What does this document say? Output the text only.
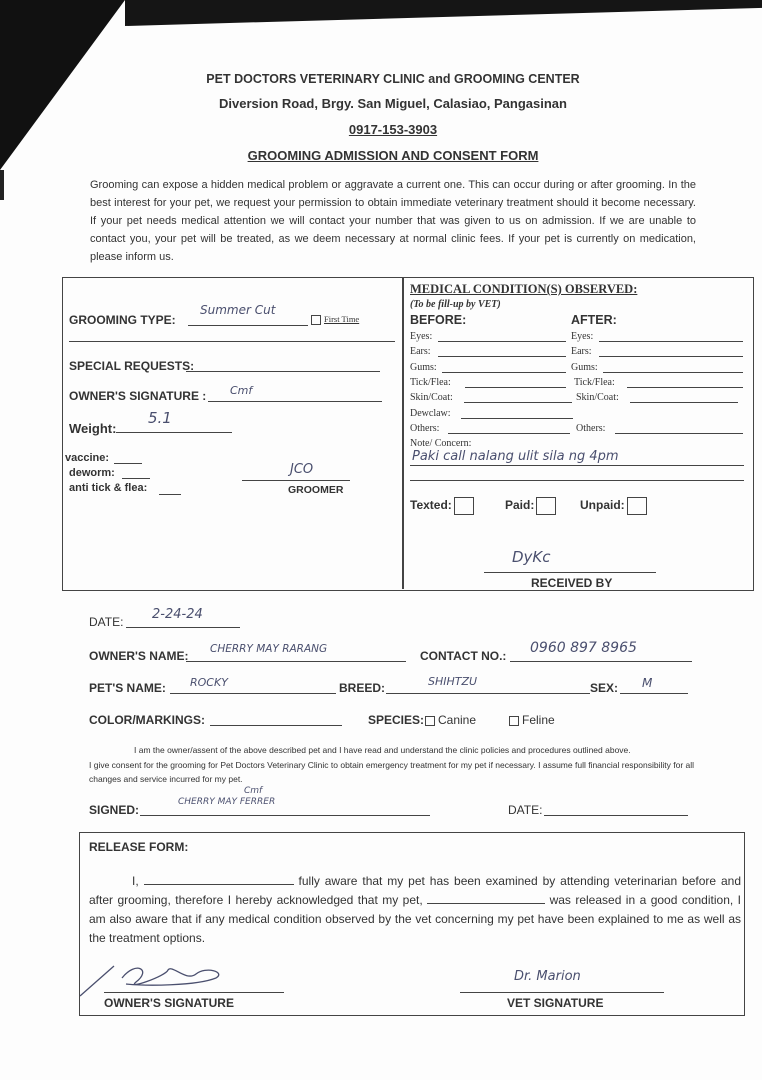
PET DOCTORS VETERINARY CLINIC and GROOMING CENTER
Diversion Road, Brgy. San Miguel, Calasiao, Pangasinan
0917-153-3903
GROOMING ADMISSION AND CONSENT FORM
Grooming can expose a hidden medical problem or aggravate a current one. This can occur during or after grooming. In the best interest for your pet, we request your permission to obtain immediate veterinary treatment should it become necessary. If your pet needs medical attention we will contact your number that was given to us on admission. If we are unable to contact you, your pet will be treated, as we deem necessary at normal clinic fees. If your pet is currently on medication, please inform us.
GROOMING TYPE:
Summer Cut
First Time
SPECIAL REQUESTS:
OWNER'S SIGNATURE : Cmf
Weight:
5.1
vaccine:
deworm:
anti tick & flea:
JCO
GROOMER
MEDICAL CONDITION(S) OBSERVED:
(To be fill-up by VET)
BEFORE:	AFTER:
Eyes:	Eyes:
Ears:	Ears:
Gums:	Gums:
Tick/Flea:	Tick/Flea:
Skin/Coat:	Skin/Coat:
Dewclaw:
Others:	Others:
Note/ Concern:
Paki call nalang ulit sila ng 4pm
Texted:	Paid:	Unpaid:
DyKc
RECEIVED BY
DATE: 2-24-24
OWNER'S NAME: CHERRY MAY RARANG	CONTACT NO.: 0960 897 8965
PET'S NAME: ROCKY	BREED:	SHIHTZU	SEX: M
COLOR/MARKINGS:	SPECIES:	Canine	Feline
I am the owner/assent of the above described pet and I have read and understand the clinic policies and procedures outlined above.
I give consent for the grooming for Pet Doctors Veterinary Clinic to obtain emergency treatment for my pet if necessary. I assume full financial responsibility for all changes and service incurred for my pet.
SIGNED:
CHERRY MAY FERRER
Cmf
DATE:
RELEASE FORM:
I,	fully aware that my pet has been examined by attending veterinarian before and after grooming, therefore I hereby acknowledged that my pet,	was released in a good condition, I am also aware that if any medical condition observed by the vet concerning my pet have been explained to me as well as the treatment options.
OWNER'S SIGNATURE
Dr. Marion
VET SIGNATURE
